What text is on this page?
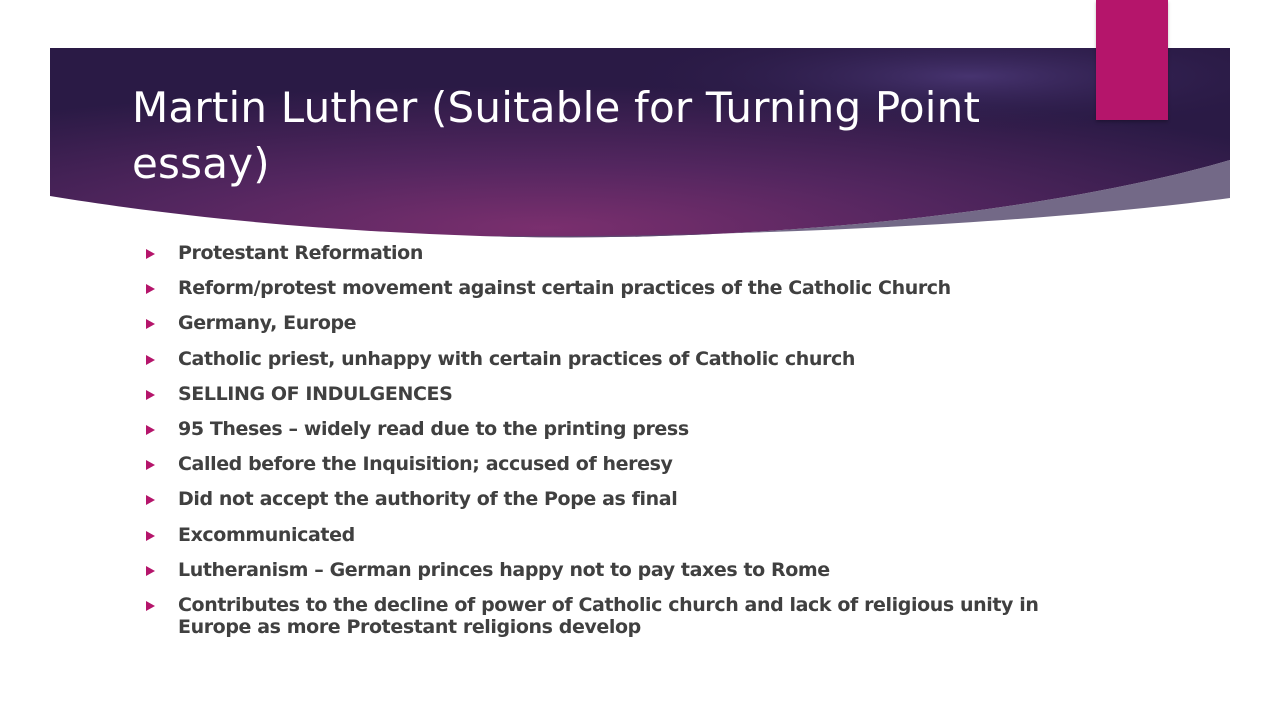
Martin Luther (Suitable for Turning Point essay)
Protestant Reformation
Reform/protest movement against certain practices of the Catholic Church
Germany, Europe
Catholic priest, unhappy with certain practices of Catholic church
SELLING OF INDULGENCES
95 Theses – widely read due to the printing press
Called before the Inquisition; accused of heresy
Did not accept the authority of the Pope as final
Excommunicated
Lutheranism – German princes happy not to pay taxes to Rome
Contributes to the decline of power of Catholic church and lack of religious unity in Europe as more Protestant religions develop
